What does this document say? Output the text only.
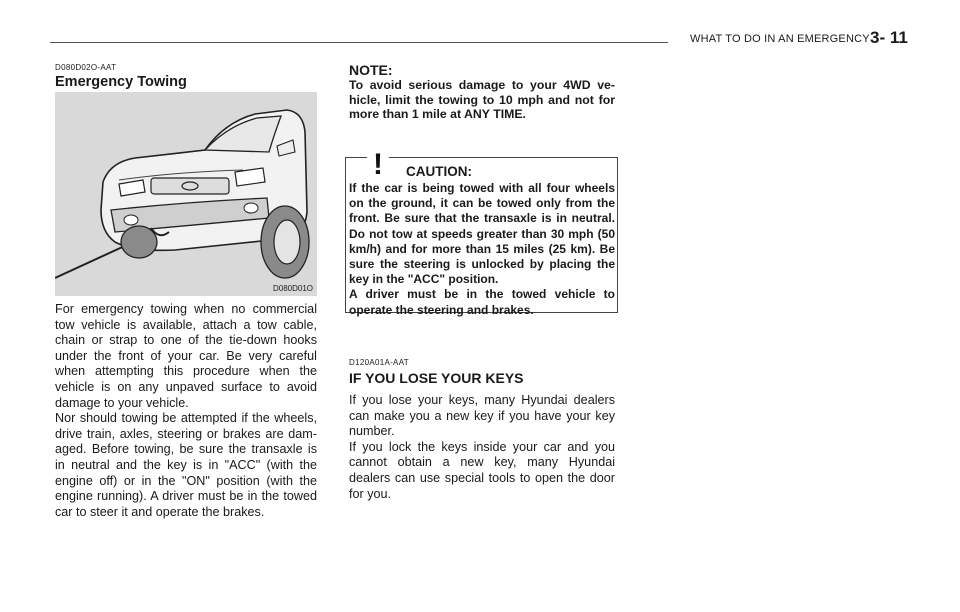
WHAT TO DO IN AN EMERGENCY 3- 11
D080D02O-AAT
Emergency Towing
D080D01O
For emergency towing when no commercial tow vehicle is available, attach a tow cable, chain or strap to one of the tie-down hooks under the front of your car. Be very careful when attempting this procedure when the vehicle is on any unpaved surface to avoid damage to your vehicle.
Nor should towing be attempted if the wheels, drive train, axles, steering or brakes are dam- aged. Before towing, be sure the transaxle is in neutral and the key is in "ACC" (with the engine off) or in the "ON" position (with the engine running). A driver must be in the towed car to steer it and operate the brakes.
NOTE:
To avoid serious damage to your 4WD ve- hicle, limit the towing to 10 mph and not for more than 1 mile at ANY TIME.
! CAUTION:
If the car is being towed with all four wheels on the ground, it can be towed only from the front. Be sure that the transaxle is in neutral. Do not tow at speeds greater than 30 mph (50 km/h) and for more than 15 miles (25 km). Be sure the steering is unlocked by placing the key in the "ACC" position.
A driver must be in the towed vehicle to operate the steering and brakes.
D120A01A-AAT
IF YOU LOSE YOUR KEYS
If you lose your keys, many Hyundai dealers can make you a new key if you have your key number.
If you lock the keys inside your car and you cannot obtain a new key, many Hyundai dealers can use special tools to open the door for you.
